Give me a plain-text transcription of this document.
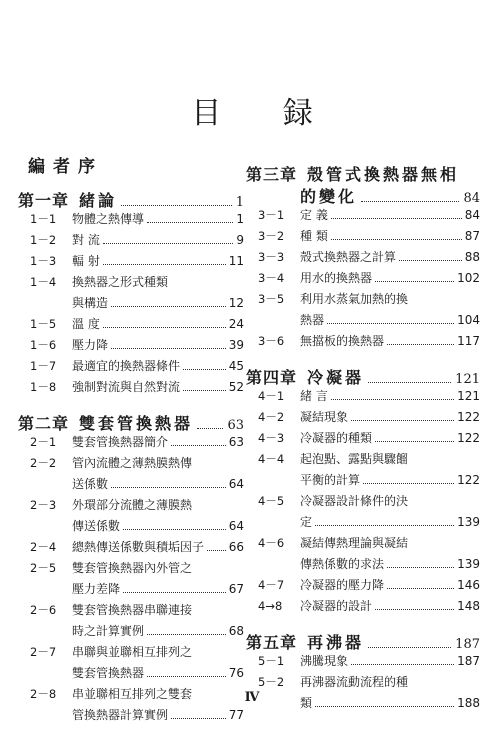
目 録
編者序
第一章 緒論	1
1－1	物體之熱傳導	1
1－2	對 流	9
1－3	輻 射	11
1－4	換熱器之形式種類
與構造	12
1－5	溫 度	24
1－6	壓力降	39
1－7	最適宜的換熱器條件	45
1－8	強制對流與自然對流	52
第二章 雙套管換熱器	63
2－1	雙套管換熱器簡介	63
2－2	管內流體之薄熱膜熱傳
送係數	64
2－3	外環部分流體之薄膜熱
傳送係數	64
2－4	總熱傳送係數與積垢因子 66
2－5	雙套管換熱器內外管之
壓力差降	67
2－6	雙套管換熱器串聯連接
時之計算實例	68
2－7	串聯與並聯相互排列之
雙套管換熱器	76
2－8	串並聯相互排列之雙套
管換熱器計算實例	77
第三章 殼管式換熱器無相
的變化	84
3－1	定 義	84
3－2	種 類	87
3－3	殼式換熱器之計算	88
3－4	用水的換熱器	102
3－5	利用水蒸氣加熱的換
熱器	104
3－6	無擋板的換熱器	117
第四章 冷凝器	121
4－1	緒 言	121
4－2	凝結現象	122
4－3	冷凝器的種類	122
4－4	起泡點、露點與驟餾
平衡的計算	122
4－5	冷凝器設計條件的決
定	139
4－6	凝結傳熱理論與凝結
傳熱係數的求法	139
4－7	冷凝器的壓力降	146
4→8	冷凝器的設計	148
第五章 再沸器	187
5－1	沸騰現象	187
5－2	再沸器流動流程的種
類	188
Ⅳ
